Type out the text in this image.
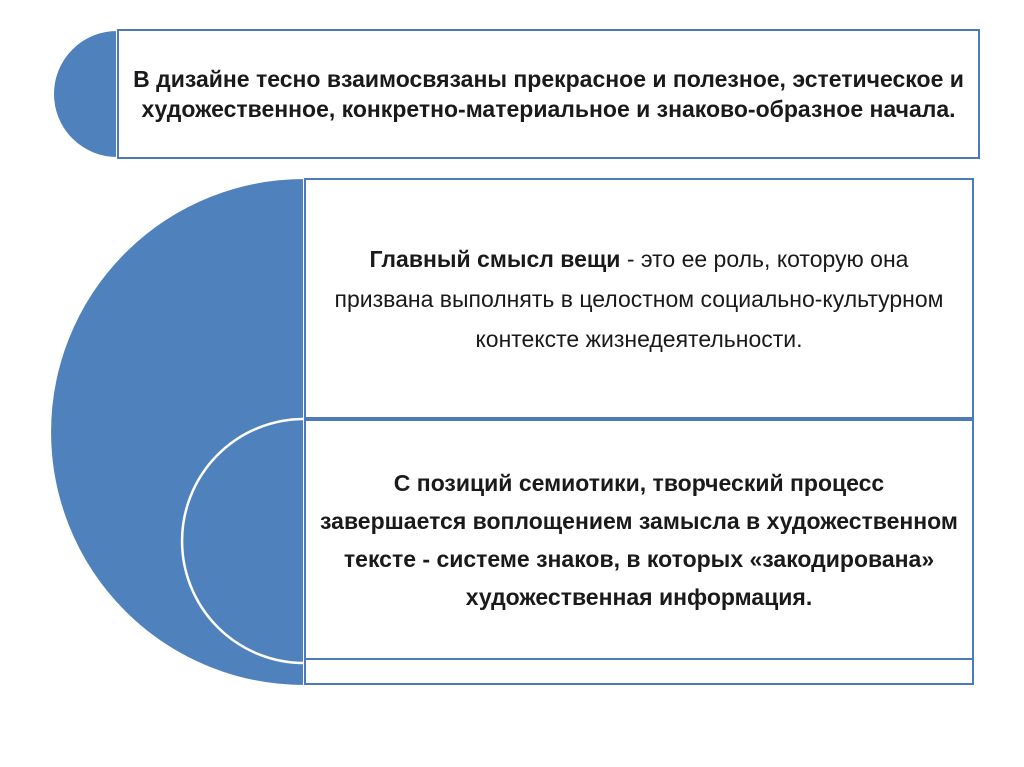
В дизайне тесно взаимосвязаны прекрасное и полезное, эстетическое и художественное, конкретно-материальное и знаково-образное начала.
Главный смысл вещи - это ее роль, которую она призвана выполнять в целостном социально-культурном контексте жизнедеятельности.
С позиций семиотики, творческий процесс завершается воплощением замысла в художественном тексте - системе знаков, в которых «закодирована» художественная информация.
